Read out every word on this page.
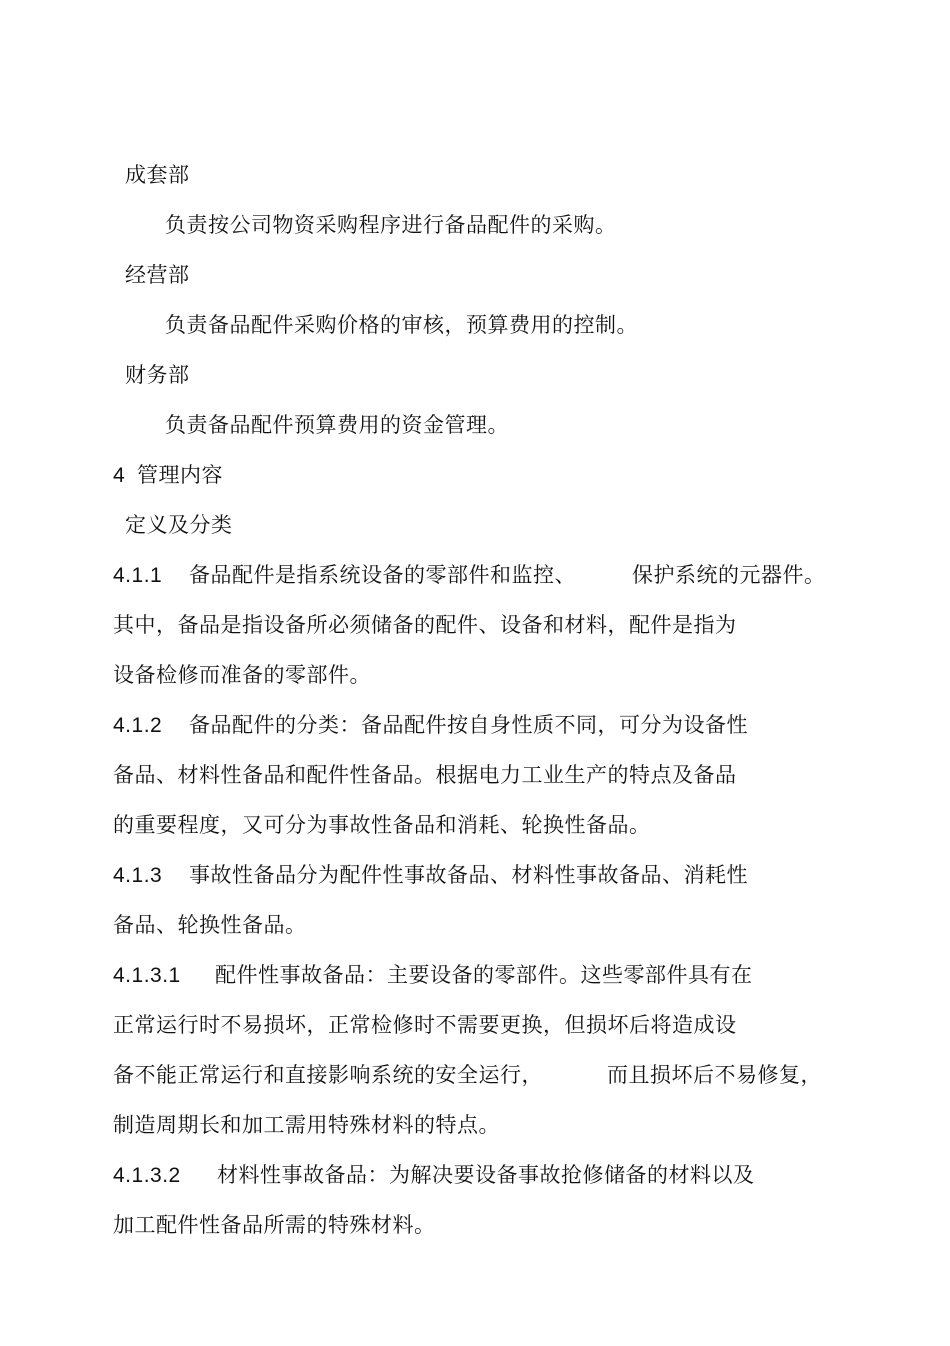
成套部
负责按公司物资采购程序进行备品配件的采购。
经营部
负责备品配件采购价格的审核，预算费用的控制。
财务部
负责备品配件预算费用的资金管理。
4 管理内容
定义及分类
4.1.1 备品配件是指系统设备的零部件和监控、	保护系统的元器件。
其中，备品是指设备所必须储备的配件、设备和材料，配件是指为
设备检修而准备的零部件。
4.1.2 备品配件的分类：备品配件按自身性质不同，可分为设备性
备品、材料性备品和配件性备品。根据电力工业生产的特点及备品
的重要程度，又可分为事故性备品和消耗、轮换性备品。
4.1.3 事故性备品分为配件性事故备品、材料性事故备品、消耗性
备品、轮换性备品。
4.1.3.1 配件性事故备品：主要设备的零部件。这些零部件具有在
正常运行时不易损坏，正常检修时不需要更换，但损坏后将造成设
备不能正常运行和直接影响系统的安全运行，	而且损坏后不易修复，
制造周期长和加工需用特殊材料的特点。
4.1.3.2 材料性事故备品：为解决要设备事故抢修储备的材料以及
加工配件性备品所需的特殊材料。
